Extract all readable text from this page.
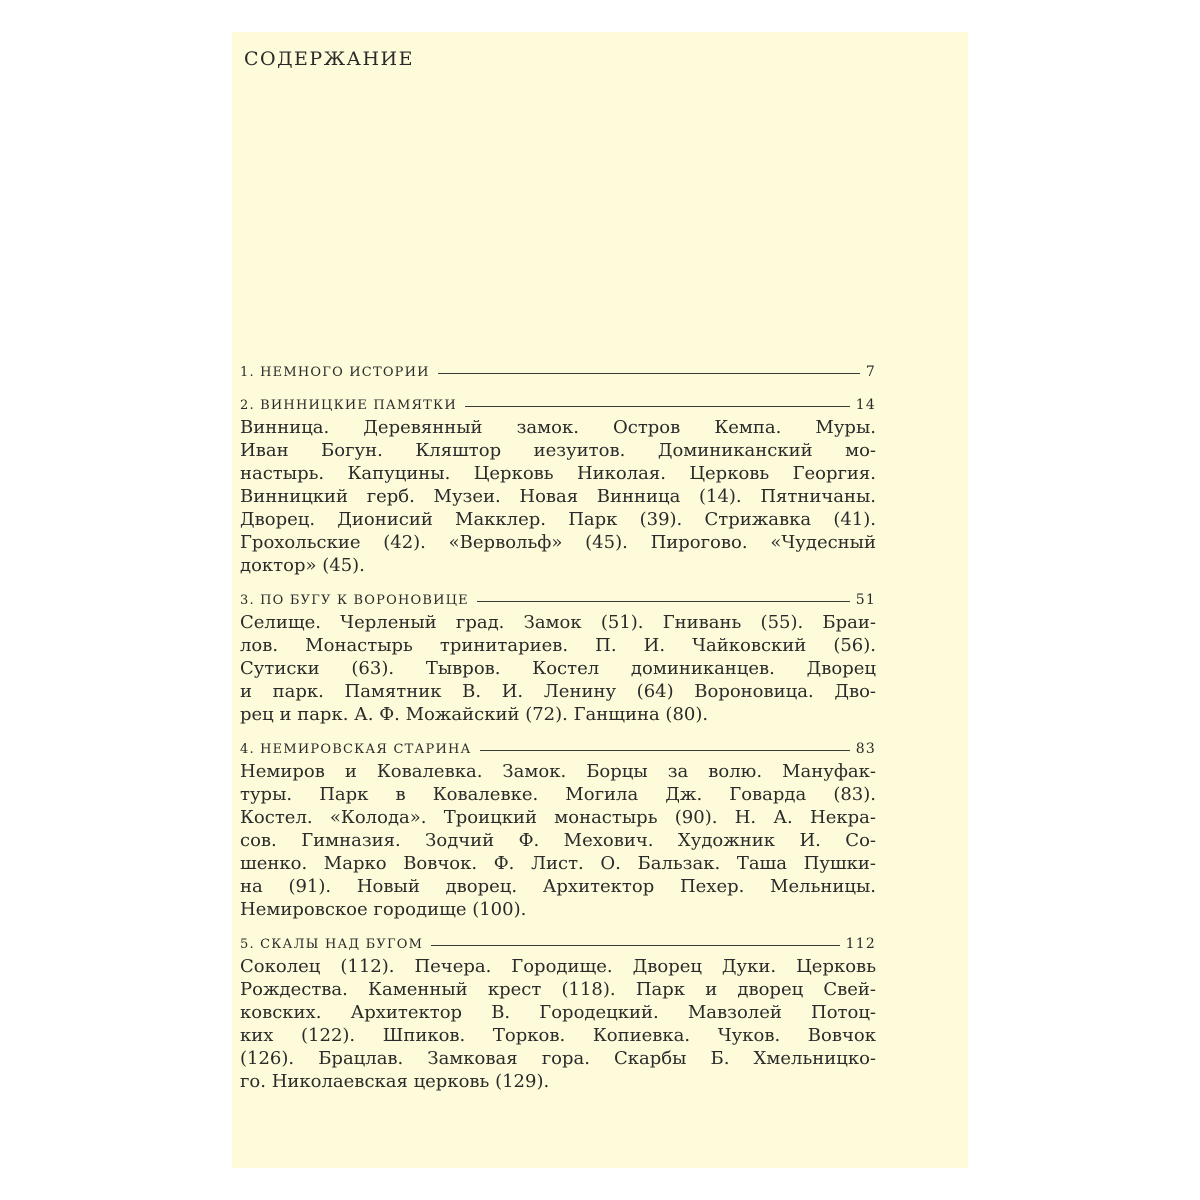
СОДЕРЖАНИЕ
1. НЕМНОГО ИСТОРИИ	7
2. ВИННИЦКИЕ ПАМЯТКИ	14
Винница. Деревянный замок. Остров Кемпа. Муры.
Иван Богун. Кляштор иезуитов. Доминиканский мо-
настырь. Капуцины. Церковь Николая. Церковь Георгия.
Винницкий герб. Музеи. Новая Винница (14). Пятничаны.
Дворец. Дионисий Макклер. Парк (39). Стрижавка (41).
Грохольские (42). «Вервольф» (45). Пирогово. «Чудесный
доктор» (45).
3. ПО БУГУ К ВОРОНОВИЦЕ	51
Селище. Черленый град. Замок (51). Гнивань (55). Браи-
лов. Монастырь тринитариев. П. И. Чайковский (56).
Сутиски (63). Тывров. Костел доминиканцев. Дворец
и парк. Памятник В. И. Ленину (64) Вороновица. Дво-
рец и парк. А. Ф. Можайский (72). Ганщина (80).
4. НЕМИРОВСКАЯ СТАРИНА	83
Немиров и Ковалевка. Замок. Борцы за волю. Мануфак-
туры. Парк в Ковалевке. Могила Дж. Говарда (83).
Костел. «Колода». Троицкий монастырь (90). Н. А. Некра-
сов. Гимназия. Зодчий Ф. Мехович. Художник И. Со-
шенко. Марко Вовчок. Ф. Лист. О. Бальзак. Таша Пушки-
на (91). Новый дворец. Архитектор Пехер. Мельницы.
Немировское городище (100).
5. СКАЛЫ НАД БУГОМ	112
Соколец (112). Печера. Городище. Дворец Дуки. Церковь
Рождества. Каменный крест (118). Парк и дворец Свей-
ковских. Архитектор В. Городецкий. Мавзолей Потоц-
ких (122). Шпиков. Торков. Копиевка. Чуков. Вовчок
(126). Брацлав. Замковая гора. Скарбы Б. Хмельницко-
го. Николаевская церковь (129).
